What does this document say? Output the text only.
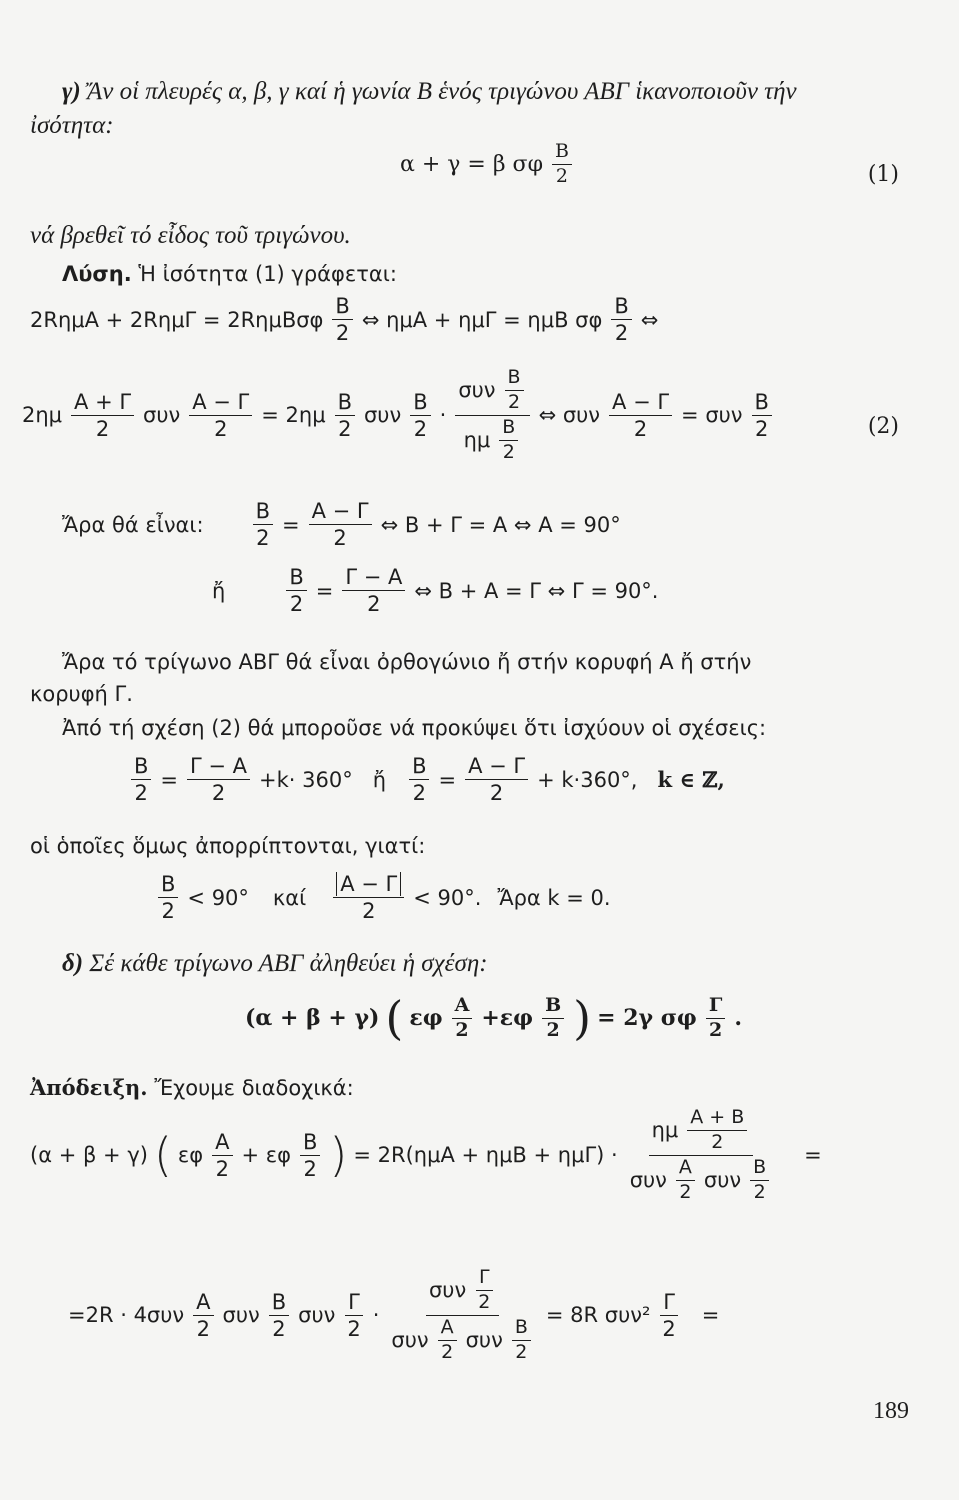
γ) Ἄν οἱ πλευρές α, β, γ καί ἡ γωνία Β ἑνός τριγώνου ΑΒΓ ἱκανοποιοῦν τήν
ἰσότητα:
α + γ = β σφ $\frac{B}{2}$	(1)
νά βρεθεῖ τό εἶδος τοῦ τριγώνου.
Λύση. Ἡ ἰσότητα (1) γράφεται:
$2R\eta\mu A + 2R\eta\mu\Gamma = 2R\eta\mu B\sigma\varphi \frac{B}{2}$ ⇔ ημΑ + ημΓ = ημΒ σφ $\frac{B}{2}$ ⇔
$2\eta\mu \frac{A + \Gamma}{2}$ συν $\frac{A - \Gamma}{2} = 2\eta\mu \frac{B}{2}$ συν $\frac{B}{2} \cdot \frac{\sigma\upsilon\nu \frac{B}{2}}{\eta\mu \frac{B}{2}}$ ⇔ συν $\frac{A - \Gamma}{2} = \sigma\upsilon\nu \frac{B}{2}$	(2)
Ἄρα θά εἶναι: $\frac{B}{2} = \frac{A - \Gamma}{2}$ ⇔ Β + Γ = Α ⇔ Α = 90°
ἤ	$\frac{B}{2} = \frac{\Gamma - A}{2}$ ⇔ Β + Α = Γ ⇔ Γ = 90°.
Ἄρα τό τρίγωνο ΑΒΓ θά εἶναι ὀρθογώνιο ἤ στήν κορυφή Α ἤ στήν
κορυφή Γ.
Ἀπό τή σχέση (2) θά μποροῦσε νά προκύψει ὅτι ἰσχύουν οἱ σχέσεις:
$\frac{B}{2} = \frac{\Gamma - A}{2} +k\cdot 360^\circ$ ἤ $\frac{B}{2} = \frac{A - \Gamma}{2} + k\cdot 360^\circ$, k ∈ ℤ,
οἱ ὁποῖες ὅμως ἀπορρίπτονται, γιατί:
$\frac{B}{2} < 90^\circ$ καί $\frac{A - \Gamma}{2} < 90^\circ$. Ἄρα k = 0.
δ) Σέ κάθε τρίγωνο ΑΒΓ ἀληθεύει ἡ σχέση:
(α + β + γ) ( εφ $\frac{A}{2} +\varepsilon\varphi \frac{B}{2}$ ) = 2γ σφ $\frac{\Gamma}{2}$ .
Ἀπόδειξη. Ἔχουμε διαδοχικά:
(α + β + γ) ( εφ $\frac{A}{2} + \varepsilon\varphi \frac{B}{2}$ ) = $2R(\eta\mu A + \eta\mu B + \eta\mu\Gamma) \cdot \frac{\eta\mu \frac{A + B}{2}}{\sigma\upsilon\nu \frac{A}{2} \sigma\upsilon\nu \frac{B}{2}}$ =
$=2R \cdot 4\sigma\upsilon\nu \frac{A}{2}$ συν $\frac{B}{2}$ συν $\frac{\Gamma}{2} \cdot \frac{\sigma\upsilon\nu \frac{\Gamma}{2}}{\sigma\upsilon\nu \frac{A}{2} \sigma\upsilon\nu \frac{B}{2}} = 8R$ $\sigma\upsilon\nu^2 \frac{\Gamma}{2}$ =
189
